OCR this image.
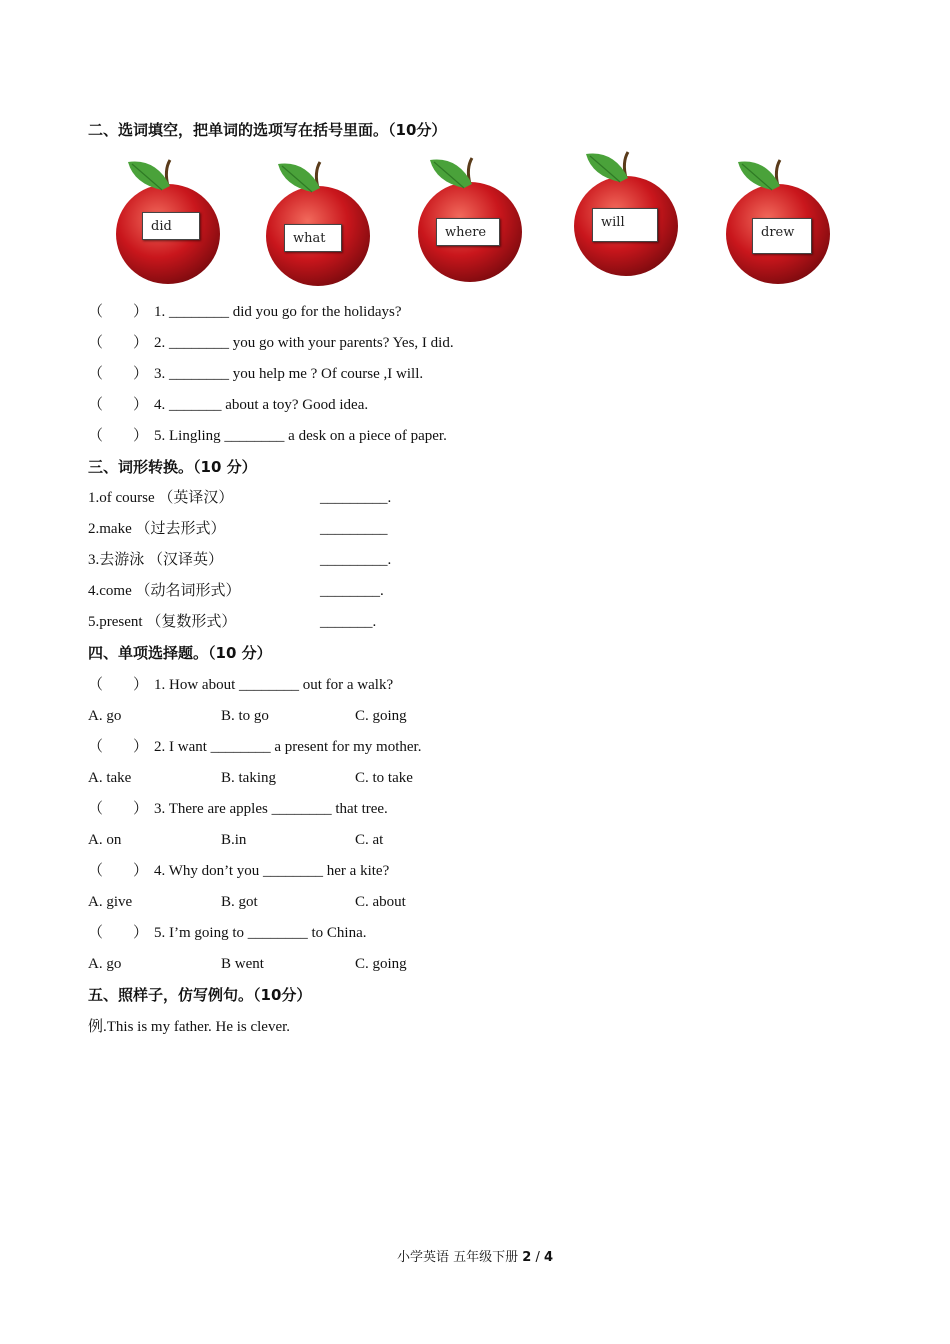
二、选词填空，把单词的选项写在括号里面。（10分）
did
what	where
will
drew
（　　） 1. ________ did you go for the holidays?
（　　） 2. ________ you go with your parents? Yes, I did.
（　　） 3. ________ you help me ? Of course ,I will.
（　　） 4. _______ about a toy? Good idea.
（　　） 5. Lingling ________ a desk on a piece of paper.
三、词形转换。（10 分）
1.of course （英译汉）	_________.
2.make （过去形式）	_________
3.去游泳 （汉译英）	_________.
4.come （动名词形式）	________.
5.present （复数形式）	_______.
四、单项选择题。（10 分）
（　　） 1. How about ________ out for a walk?
A. go	B. to go	C. going
（　　） 2. I want ________ a present for my mother.
A. take	B. taking	C. to take
（　　） 3. There are apples ________ that tree.
A. on	B.in	C. at
（　　） 4. Why don’t you ________ her a kite?
A. give	B. got	C. about
（　　） 5. I’m going to ________ to China.
A. go	B went	C. going
五、照样子，仿写例句。（10分）
例.This is my father. He is clever.
小学英语 五年级下册 2 / 4
